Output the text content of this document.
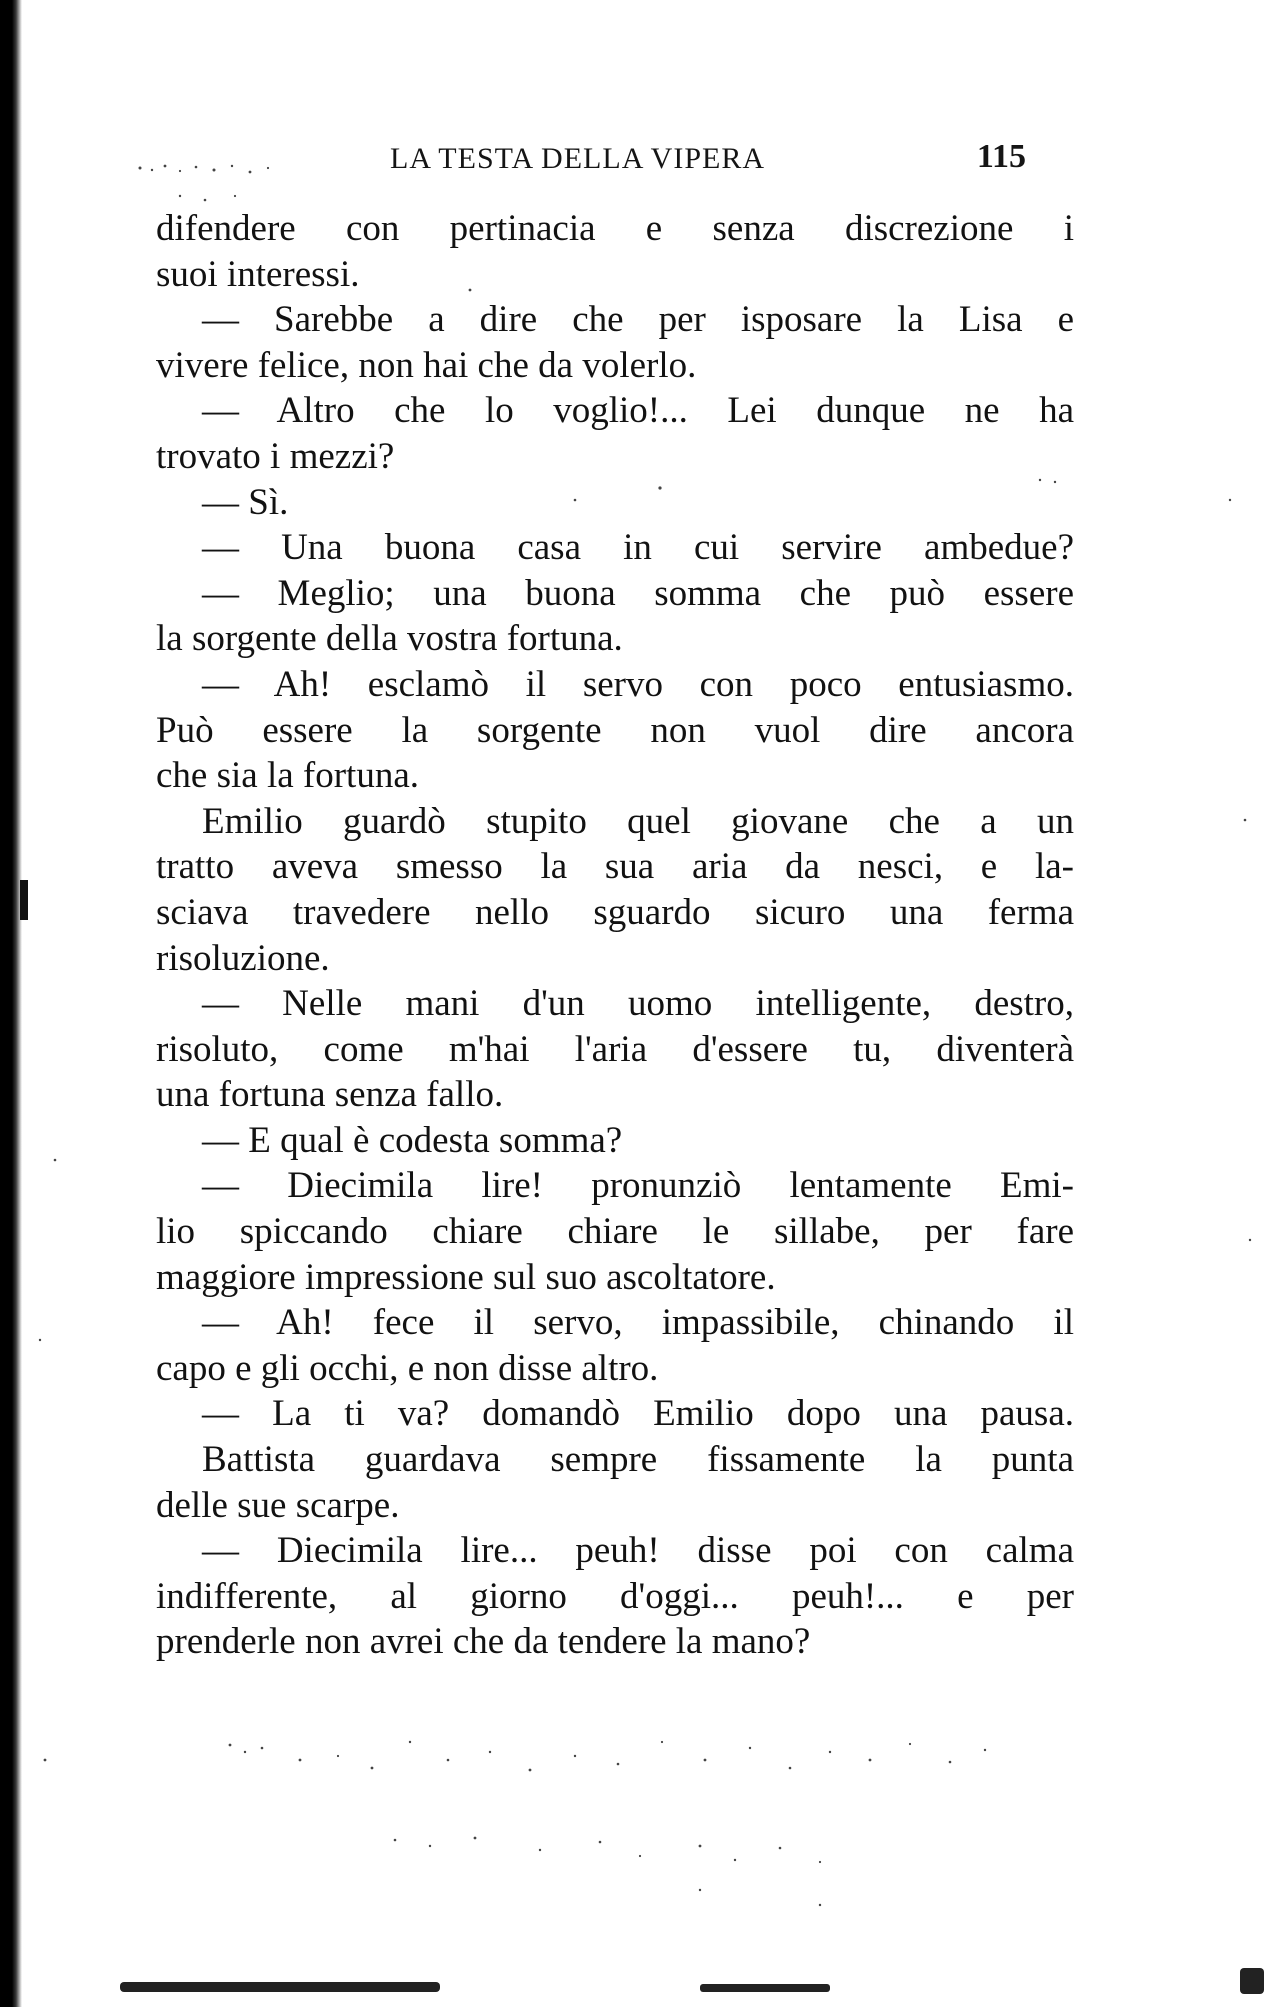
LA TESTA DELLA VIPERA	115
difendere con pertinacia e senza discrezione i
suoi interessi.
— Sarebbe a dire che per isposare la Lisa e
vivere felice, non hai che da volerlo.
— Altro che lo voglio!... Lei dunque ne ha
trovato i mezzi?
— Sì.
— Una buona casa in cui servire ambedue?
— Meglio; una buona somma che può essere
la sorgente della vostra fortuna.
— Ah! esclamò il servo con poco entusiasmo.
Può essere la sorgente non vuol dire ancora
che sia la fortuna.
Emilio guardò stupito quel giovane che a un
tratto aveva smesso la sua aria da nesci, e la-
sciava travedere nello sguardo sicuro una ferma
risoluzione.
— Nelle mani d'un uomo intelligente, destro,
risoluto, come m'hai l'aria d'essere tu, diventerà
una fortuna senza fallo.
— E qual è codesta somma?
— Diecimila lire! pronunziò lentamente Emi-
lio spiccando chiare chiare le sillabe, per fare
maggiore impressione sul suo ascoltatore.
— Ah! fece il servo, impassibile, chinando il
capo e gli occhi, e non disse altro.
— La ti va? domandò Emilio dopo una pausa.
Battista guardava sempre fissamente la punta
delle sue scarpe.
— Diecimila lire... peuh! disse poi con calma
indifferente, al giorno d'oggi... peuh!... e per
prenderle non avrei che da tendere la mano?
